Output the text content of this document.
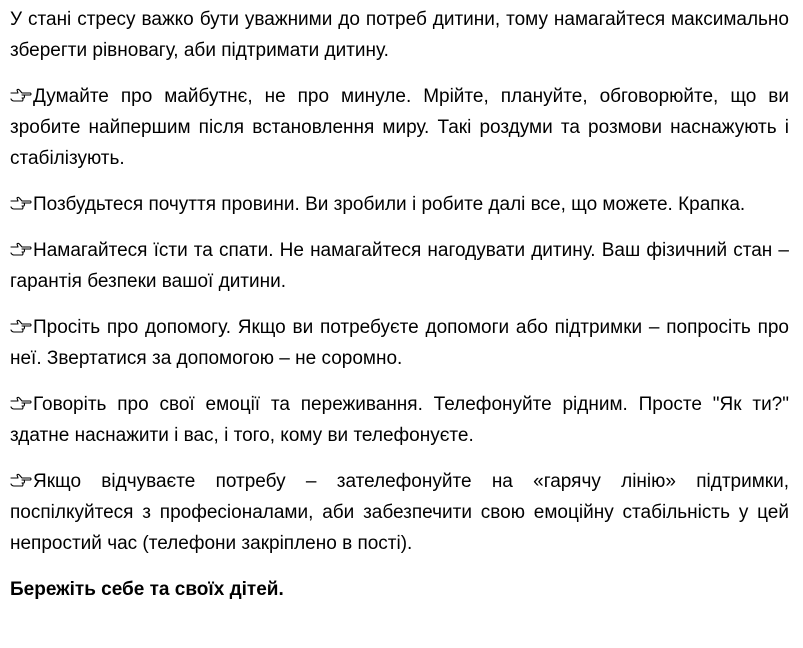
У стані стресу важко бути уважними до потреб дитини, тому намагайтеся максимально зберегти рівновагу, аби підтримати дитину.

Думайте про майбутнє, не про минуле. Мрійте, плануйте, обговорюйте, що ви зробите найпершим після встановлення миру. Такі роздуми та розмови наснажують і стабілізують.

Позбудьтеся почуття провини. Ви зробили і робите далі все, що можете. Крапка.

Намагайтеся їсти та спати. Не намагайтеся нагодувати дитину. Ваш фізичний стан – гарантія безпеки вашої дитини.

Просіть про допомогу. Якщо ви потребуєте допомоги або підтримки – попросіть про неї. Звертатися за допомогою – не соромно.

Говоріть про свої емоції та переживання. Телефонуйте рідним. Просте "Як ти?" здатне наснажити і вас, і того, кому ви телефонуєте.

Якщо відчуваєте потребу – зателефонуйте на «гарячу лінію» підтримки, поспілкуйтеся з професіоналами, аби забезпечити свою емоційну стабільність у цей непростий час (телефони закріплено в пості).

Бережіть себе та своїх дітей.
